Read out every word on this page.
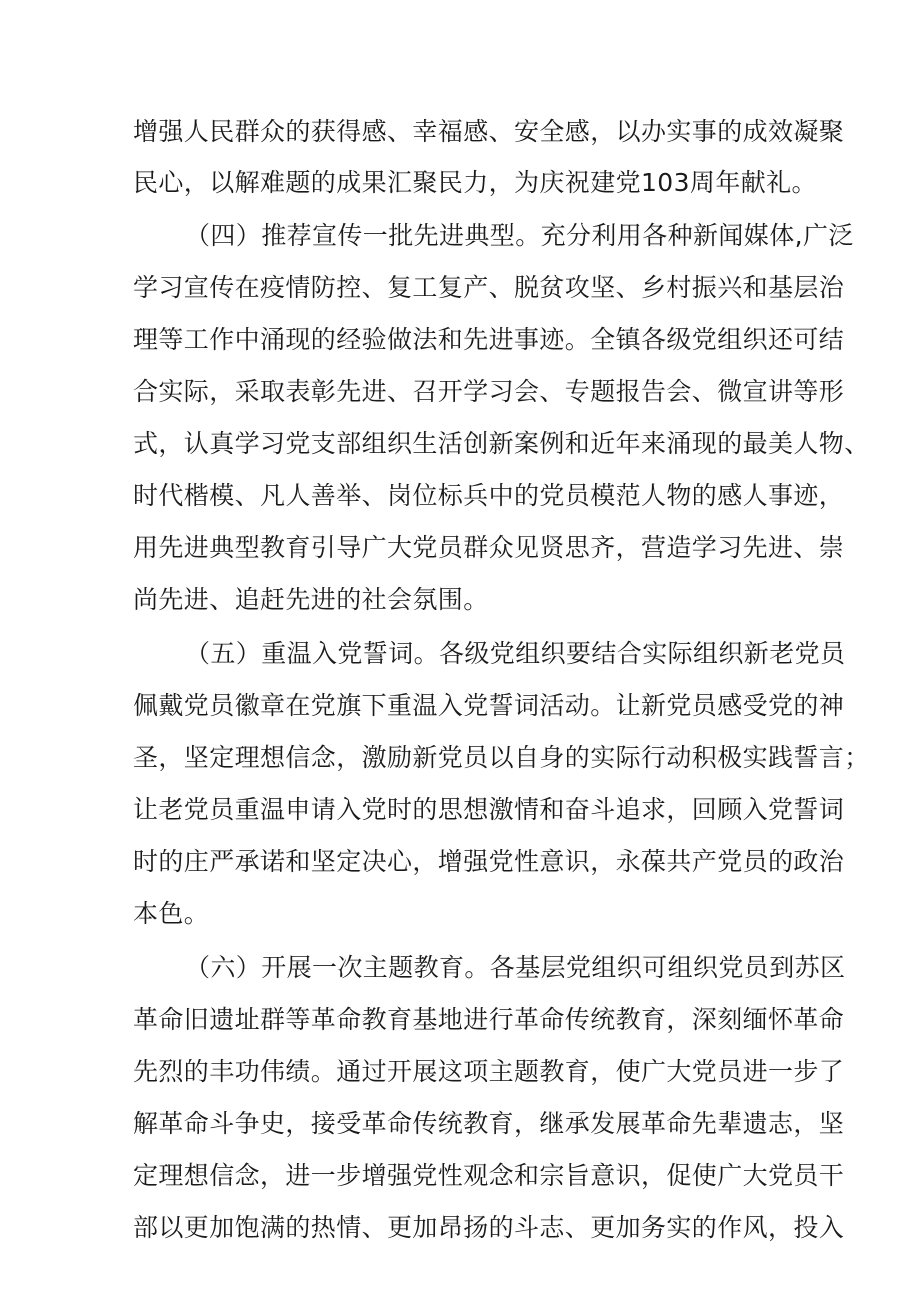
增强人民群众的获得感、幸福感、安全感，以办实事的成效凝聚
民心，以解难题的成果汇聚民力，为庆祝建党103周年献礼。
（四）推荐宣传一批先进典型。充分利用各种新闻媒体,广泛
学习宣传在疫情防控、复工复产、脱贫攻坚、乡村振兴和基层治
理等工作中涌现的经验做法和先进事迹。全镇各级党组织还可结
合实际，采取表彰先进、召开学习会、专题报告会、微宣讲等形
式，认真学习党支部组织生活创新案例和近年来涌现的最美人物、
时代楷模、凡人善举、岗位标兵中的党员模范人物的感人事迹，
用先进典型教育引导广大党员群众见贤思齐，营造学习先进、崇
尚先进、追赶先进的社会氛围。
（五）重温入党誓词。各级党组织要结合实际组织新老党员
佩戴党员徽章在党旗下重温入党誓词活动。让新党员感受党的神
圣，坚定理想信念，激励新党员以自身的实际行动积极实践誓言；
让老党员重温申请入党时的思想激情和奋斗追求，回顾入党誓词
时的庄严承诺和坚定决心，增强党性意识，永葆共产党员的政治
本色。
（六）开展一次主题教育。各基层党组织可组织党员到苏区
革命旧遗址群等革命教育基地进行革命传统教育，深刻缅怀革命
先烈的丰功伟绩。通过开展这项主题教育，使广大党员进一步了
解革命斗争史，接受革命传统教育，继承发展革命先辈遗志，坚
定理想信念，进一步增强党性观念和宗旨意识，促使广大党员干
部以更加饱满的热情、更加昂扬的斗志、更加务实的作风，投入
